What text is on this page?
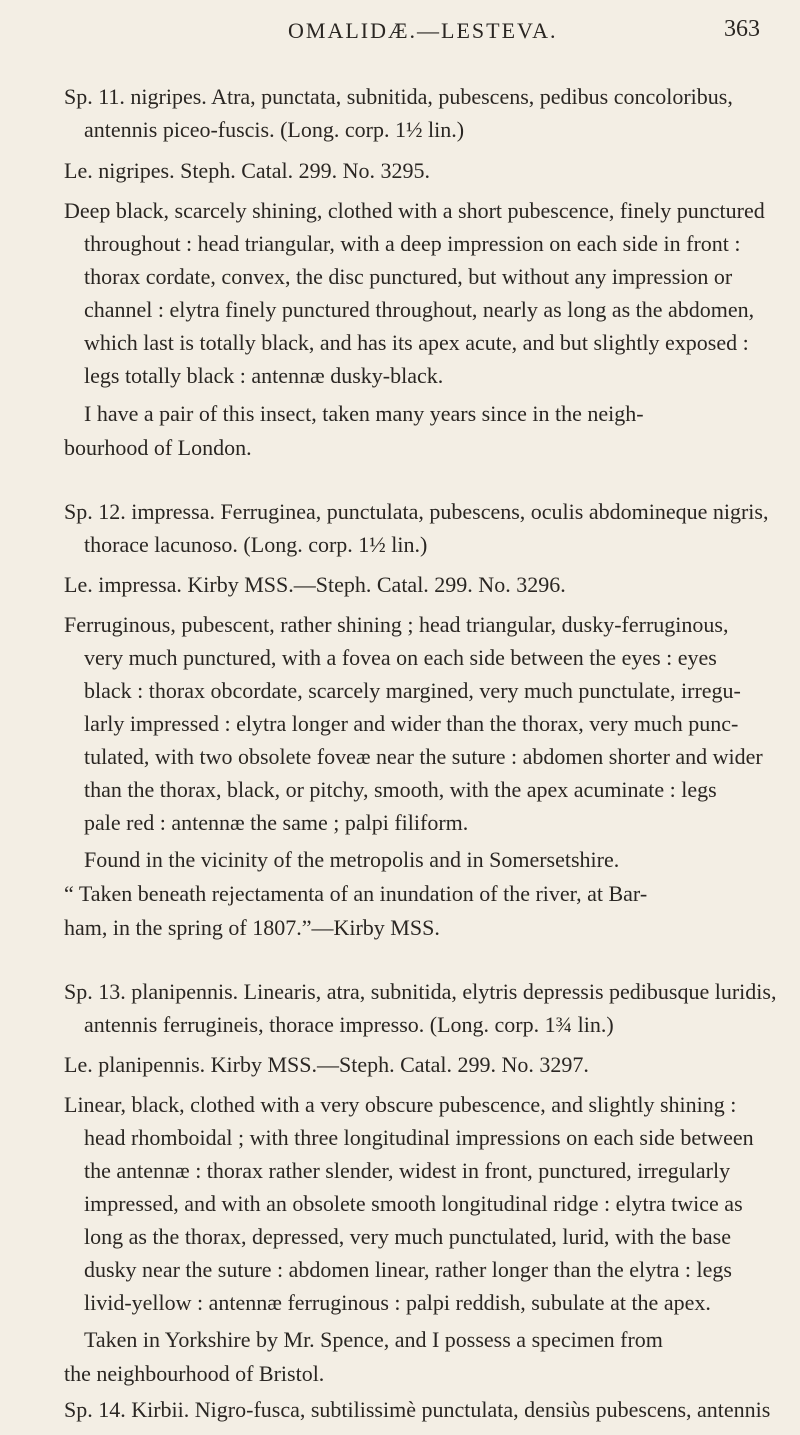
OMALIDÆ.—LESTEVA.	363
Sp. 11. nigripes. Atra, punctata, subnitida, pubescens, pedibus concoloribus,
antennis piceo-fuscis. (Long. corp. 1½ lin.)
Le. nigripes. Steph. Catal. 299. No. 3295.
Deep black, scarcely shining, clothed with a short pubescence, finely punctured
throughout : head triangular, with a deep impression on each side in front :
thorax cordate, convex, the disc punctured, but without any impression or
channel : elytra finely punctured throughout, nearly as long as the abdomen,
which last is totally black, and has its apex acute, and but slightly exposed :
legs totally black : antennæ dusky-black.
I have a pair of this insect, taken many years since in the neigh-
bourhood of London.
Sp. 12. impressa. Ferruginea, punctulata, pubescens, oculis abdomineque nigris,
thorace lacunoso. (Long. corp. 1½ lin.)
Le. impressa. Kirby MSS.—Steph. Catal. 299. No. 3296.
Ferruginous, pubescent, rather shining ; head triangular, dusky-ferruginous,
very much punctured, with a fovea on each side between the eyes : eyes
black : thorax obcordate, scarcely margined, very much punctulate, irregu-
larly impressed : elytra longer and wider than the thorax, very much punc-
tulated, with two obsolete foveæ near the suture : abdomen shorter and wider
than the thorax, black, or pitchy, smooth, with the apex acuminate : legs
pale red : antennæ the same ; palpi filiform.
Found in the vicinity of the metropolis and in Somersetshire.
“ Taken beneath rejectamenta of an inundation of the river, at Bar-
ham, in the spring of 1807.”—Kirby MSS.
Sp. 13. planipennis. Linearis, atra, subnitida, elytris depressis pedibusque luridis,
antennis ferrugineis, thorace impresso. (Long. corp. 1¾ lin.)
Le. planipennis. Kirby MSS.—Steph. Catal. 299. No. 3297.
Linear, black, clothed with a very obscure pubescence, and slightly shining :
head rhomboidal ; with three longitudinal impressions on each side between
the antennæ : thorax rather slender, widest in front, punctured, irregularly
impressed, and with an obsolete smooth longitudinal ridge : elytra twice as
long as the thorax, depressed, very much punctulated, lurid, with the base
dusky near the suture : abdomen linear, rather longer than the elytra : legs
livid-yellow : antennæ ferruginous : palpi reddish, subulate at the apex.
Taken in Yorkshire by Mr. Spence, and I possess a specimen from
the neighbourhood of Bristol.
Sp. 14. Kirbii. Nigro-fusca, subtilissimè punctulata, densiùs pubescens, antennis
